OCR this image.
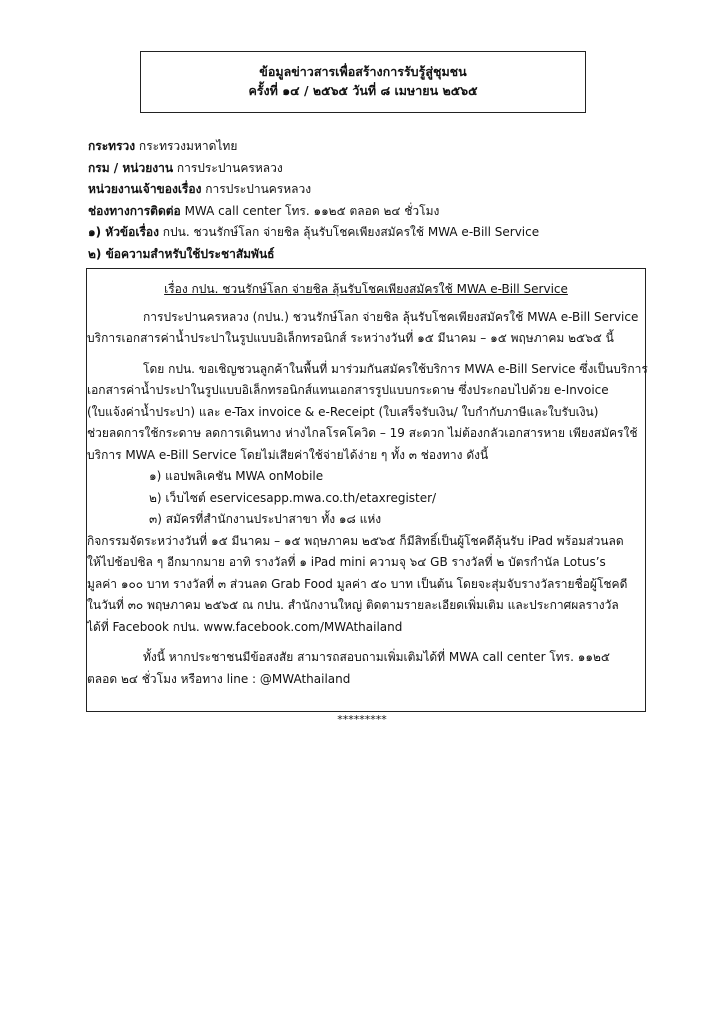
ข้อมูลข่าวสารเพื่อสร้างการรับรู้สู่ชุมชน
ครั้งที่ ๑๔ / ๒๕๖๕ วันที่ ๘ เมษายน ๒๕๖๕
กระทรวง กระทรวงมหาดไทย
กรม / หน่วยงาน การประปานครหลวง
หน่วยงานเจ้าของเรื่อง การประปานครหลวง
ช่องทางการติดต่อ MWA call center โทร. ๑๑๒๕ ตลอด ๒๔ ชั่วโมง
๑) หัวข้อเรื่อง กปน. ชวนรักษ์โลก จ่ายชิล ลุ้นรับโชคเพียงสมัครใช้ MWA e-Bill Service
๒) ข้อความสำหรับใช้ประชาสัมพันธ์

เรื่อง กปน. ชวนรักษ์โลก จ่ายชิล ลุ้นรับโชคเพียงสมัครใช้ MWA e-Bill Service

การประปานครหลวง (กปน.) ชวนรักษ์โลก จ่ายชิล ลุ้นรับโชคเพียงสมัครใช้ MWA e-Bill Service

บริการเอกสารค่าน้ำประปาในรูปแบบอิเล็กทรอนิกส์ ระหว่างวันที่ ๑๕ มีนาคม – ๑๕ พฤษภาคม ๒๕๖๕ นี้

โดย กปน. ขอเชิญชวนลูกค้าในพื้นที่ มาร่วมกันสมัครใช้บริการ MWA e-Bill Service ซึ่งเป็นบริการ

เอกสารค่าน้ำประปาในรูปแบบอิเล็กทรอนิกส์แทนเอกสารรูปแบบกระดาษ ซึ่งประกอบไปด้วย e-Invoice

(ใบแจ้งค่าน้ำประปา) และ e-Tax invoice & e-Receipt (ใบเสร็จรับเงิน/ ใบกำกับภาษีและใบรับเงิน)

ช่วยลดการใช้กระดาษ ลดการเดินทาง ห่างไกลโรคโควิด – 19 สะดวก ไม่ต้องกลัวเอกสารหาย เพียงสมัครใช้

บริการ MWA e-Bill Service โดยไม่เสียค่าใช้จ่ายได้ง่าย ๆ ทั้ง ๓ ช่องทาง ดังนี้

๑) แอปพลิเคชัน MWA onMobile

๒) เว็บไซต์ eservicesapp.mwa.co.th/etaxregister/

๓) สมัครที่สำนักงานประปาสาขา ทั้ง ๑๘ แห่ง

กิจกรรมจัดระหว่างวันที่ ๑๕ มีนาคม – ๑๕ พฤษภาคม ๒๕๖๕ ก็มีสิทธิ์เป็นผู้โชคดีลุ้นรับ iPad พร้อมส่วนลด

ให้ไปช้อปชิล ๆ อีกมากมาย อาทิ รางวัลที่ ๑ iPad mini ความจุ ๖๔ GB รางวัลที่ ๒ บัตรกำนัล Lotus’s

มูลค่า ๑๐๐ บาท รางวัลที่ ๓ ส่วนลด Grab Food มูลค่า ๕๐ บาท เป็นต้น โดยจะสุ่มจับรางวัลรายชื่อผู้โชคดี

ในวันที่ ๓๐ พฤษภาคม ๒๕๖๕ ณ กปน. สำนักงานใหญ่ ติดตามรายละเอียดเพิ่มเติม และประกาศผลรางวัล

ได้ที่ Facebook กปน. www.facebook.com/MWAthailand

ทั้งนี้ หากประชาชนมีข้อสงสัย สามารถสอบถามเพิ่มเติมได้ที่ MWA call center โทร. ๑๑๒๕

ตลอด ๒๔ ชั่วโมง หรือทาง line : @MWAthailand

*********
